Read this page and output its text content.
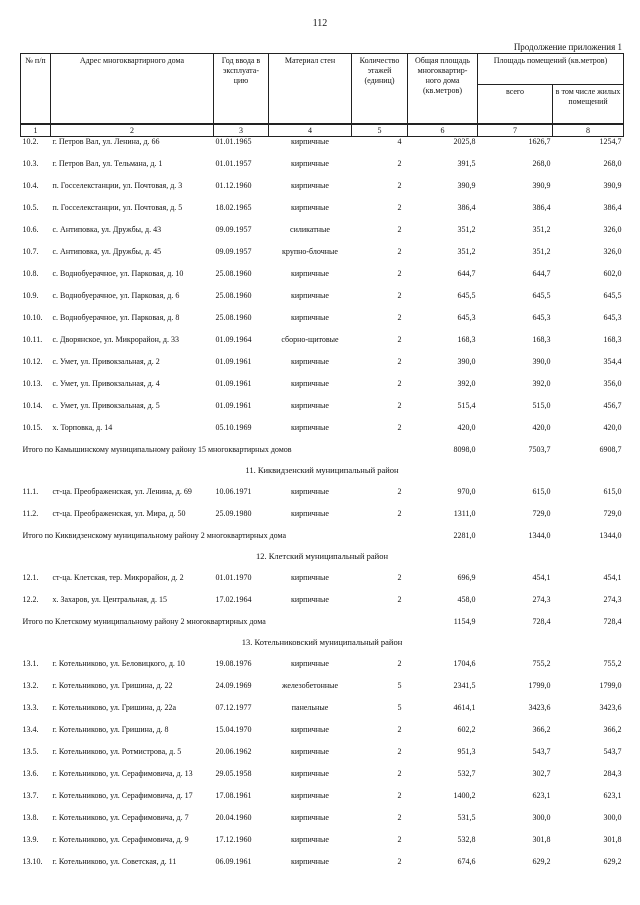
112
Продолжение приложения 1
№ п/п	Адрес многоквартирного дома	Год ввода в эксплуата- цию	Материал стен	Количество этажей (единиц)	Общая площадь многоквартир- ного дома (кв.метров)	Площадь помещений (кв.метров)	
						всего	в том числе жилых помещений
1	2	3	4	5	6	7	8
10.2.	г. Петров Вал, ул. Ленина, д. 66	01.01.1965	кирпичные	4	2025,8	1626,7	1254,7
10.3.	г. Петров Вал, ул. Тельмана, д. 1	01.01.1957	кирпичные	2	391,5	268,0	268,0
10.4.	п. Госселекстанции, ул. Почтовая, д. 3	01.12.1960	кирпичные	2	390,9	390,9	390,9
10.5.	п. Госселекстанции, ул. Почтовая, д. 5	18.02.1965	кирпичные	2	386,4	386,4	386,4
10.6.	с. Антиповка, ул. Дружбы, д. 43	09.09.1957	силикатные	2	351,2	351,2	326,0
10.7.	с. Антиповка, ул. Дружбы, д. 45	09.09.1957	крупно-блочные	2	351,2	351,2	326,0
10.8.	с. Воднобуерачное, ул. Парковая, д. 10	25.08.1960	кирпичные	2	644,7	644,7	602,0
10.9.	с. Воднобуерачное, ул. Парковая, д. 6	25.08.1960	кирпичные	2	645,5	645,5	645,5
10.10.	с. Воднобуерачное, ул. Парковая, д. 8	25.08.1960	кирпичные	2	645,3	645,3	645,3
10.11.	с. Дворянское, ул. Микрорайон, д. 33	01.09.1964	сборно-щитовые	2	168,3	168,3	168,3
10.12.	с. Умет, ул. Привокзальная, д. 2	01.09.1961	кирпичные	2	390,0	390,0	354,4
10.13.	с. Умет, ул. Привокзальная, д. 4	01.09.1961	кирпичные	2	392,0	392,0	356,0
10.14.	с. Умет, ул. Привокзальная, д. 5	01.09.1961	кирпичные	2	515,4	515,0	456,7
10.15.	х. Торповка, д. 14	05.10.1969	кирпичные	2	420,0	420,0	420,0
Итого по Камышинскому муниципальному району 15 многоквартирных домов					8098,0	7503,7	6908,7
11. Киквидзенский муниципальный район							
11.1.	ст-ца. Преображенская, ул. Ленина, д. 69	10.06.1971	кирпичные	2	970,0	615,0	615,0
11.2.	ст-ца. Преображенская, ул. Мира, д. 50	25.09.1980	кирпичные	2	1311,0	729,0	729,0
Итого по Киквидзенскому муниципальному району 2 многоквартирных дома					2281,0	1344,0	1344,0
12. Клетский муниципальный район							
12.1.	ст-ца. Клетская, тер. Микрорайон, д. 2	01.01.1970	кирпичные	2	696,9	454,1	454,1
12.2.	х. Захаров, ул. Центральная, д. 15	17.02.1964	кирпичные	2	458,0	274,3	274,3
Итого по Клетскому муниципальному району 2 многоквартирных дома					1154,9	728,4	728,4
13. Котельниковский муниципальный район							
13.1.	г. Котельниково, ул. Беловицкого, д. 10	19.08.1976	кирпичные	2	1704,6	755,2	755,2
13.2.	г. Котельниково, ул. Гришина, д. 22	24.09.1969	железобетонные	5	2341,5	1799,0	1799,0
13.3.	г. Котельниково, ул. Гришина, д. 22а	07.12.1977	панельные	5	4614,1	3423,6	3423,6
13.4.	г. Котельниково, ул. Гришина, д. 8	15.04.1970	кирпичные	2	602,2	366,2	366,2
13.5.	г. Котельниково, ул. Ротмистрова, д. 5	20.06.1962	кирпичные	2	951,3	543,7	543,7
13.6.	г. Котельниково, ул. Серафимовича, д. 13	29.05.1958	кирпичные	2	532,7	302,7	284,3
13.7.	г. Котельниково, ул. Серафимовича, д. 17	17.08.1961	кирпичные	2	1400,2	623,1	623,1
13.8.	г. Котельниково, ул. Серафимовича, д. 7	20.04.1960	кирпичные	2	531,5	300,0	300,0
13.9.	г. Котельниково, ул. Серафимовича, д. 9	17.12.1960	кирпичные	2	532,8	301,8	301,8
13.10.	г. Котельниково, ул. Советская, д. 11	06.09.1961	кирпичные	2	674,6	629,2	629,2
